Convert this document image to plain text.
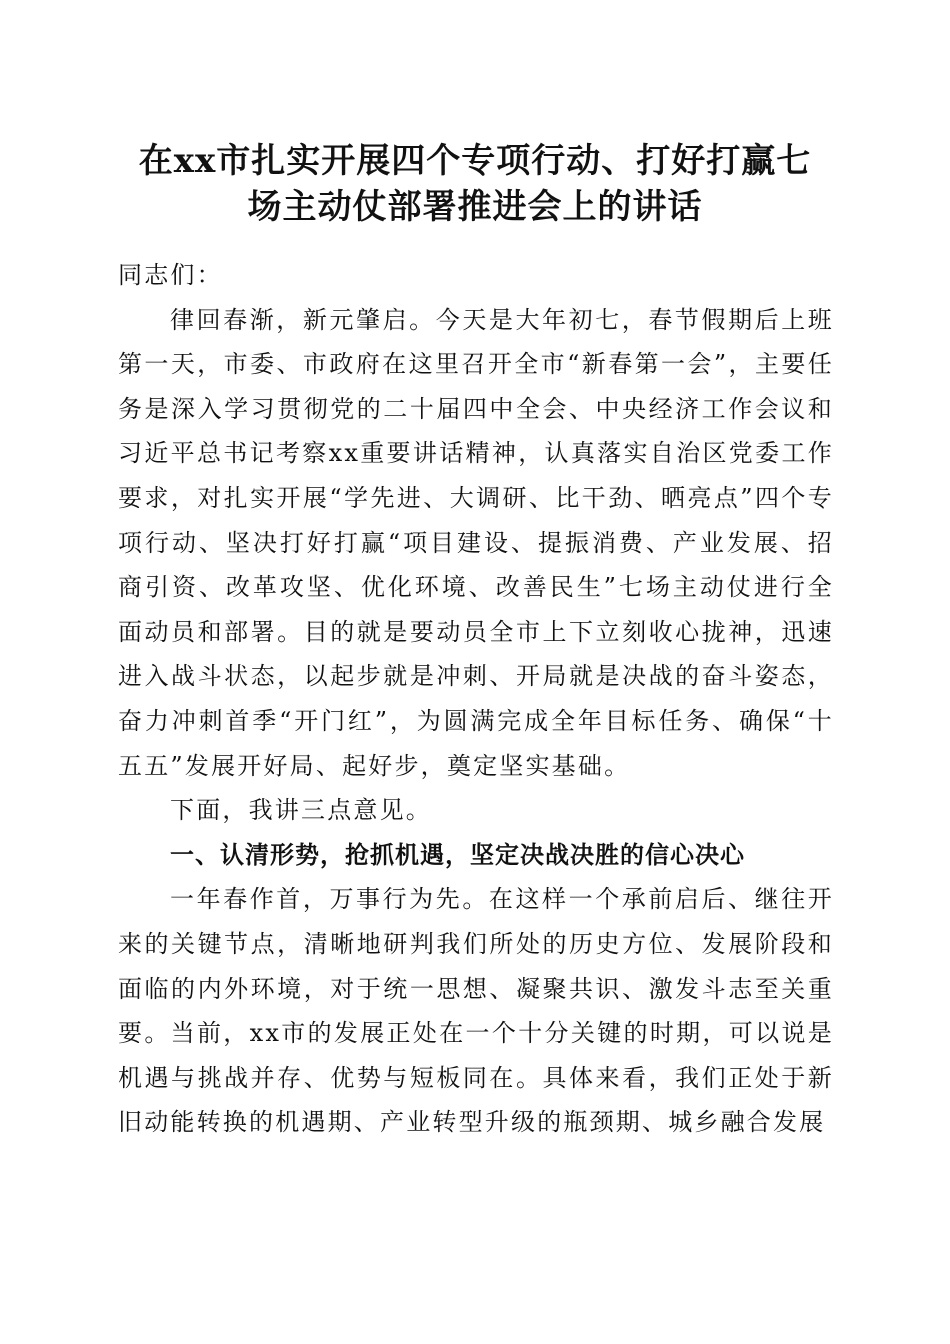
在xx市扎实开展四个专项行动、打好打赢七
场主动仗部署推进会上的讲话

同志们：

律回春渐，新元肇启。今天是大年初七，春节假期后上班第一天，市委、市政府在这里召开全市“新春第一会”，主要任务是深入学习贯彻党的二十届四中全会、中央经济工作会议和习近平总书记考察xx重要讲话精神，认真落实自治区党委工作要求，对扎实开展“学先进、大调研、比干劲、晒亮点”四个专项行动、坚决打好打赢“项目建设、提振消费、产业发展、招商引资、改革攻坚、优化环境、改善民生”七场主动仗进行全面动员和部署。目的就是要动员全市上下立刻收心拢神，迅速进入战斗状态，以起步就是冲刺、开局就是决战的奋斗姿态，奋力冲刺首季“开门红”，为圆满完成全年目标任务、确保“十五五”发展开好局、起好步，奠定坚实基础。

下面，我讲三点意见。

一、认清形势，抢抓机遇，坚定决战决胜的信心决心

一年春作首，万事行为先。在这样一个承前启后、继往开来的关键节点，清晰地研判我们所处的历史方位、发展阶段和面临的内外环境，对于统一思想、凝聚共识、激发斗志至关重要。当前，xx市的发展正处在一个十分关键的时期，可以说是机遇与挑战并存、优势与短板同在。具体来看，我们正处于新旧动能转换的机遇期、产业转型升级的瓶颈期、城乡融合发展
